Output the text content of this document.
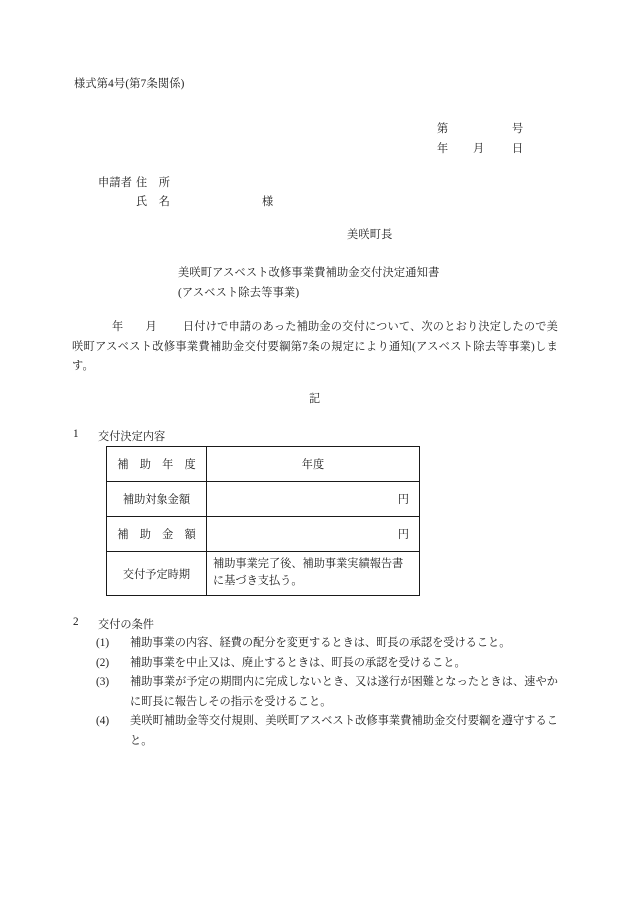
様式第4号(第7条関係)
第	号
年 月 日
申請者 住　所
氏　名	様
美咲町長
美咲町アスベスト改修事業費補助金交付決定通知書
(アスベスト除去等事業)
年 月 日付けで申請のあった補助金の交付について、次のとおり決定したので美咲町アスベスト改修事業費補助金交付要綱第7条の規定により通知(アスベスト除去等事業)します。
記
1 交付決定内容
補　助　年　度	年度
補助対象金額	円
補　助　金　額	円
交付予定時期	補助事業完了後、補助事業実績報告書
に基づき支払う。
2 交付の条件
(1)	補助事業の内容、経費の配分を変更するときは、町長の承認を受けること。
(2)	補助事業を中止又は、廃止するときは、町長の承認を受けること。
(3)	補助事業が予定の期間内に完成しないとき、又は遂行が困難となったときは、速やかに町長に報告しその指示を受けること。
(4)	美咲町補助金等交付規則、美咲町アスベスト改修事業費補助金交付要綱を遵守すること。
